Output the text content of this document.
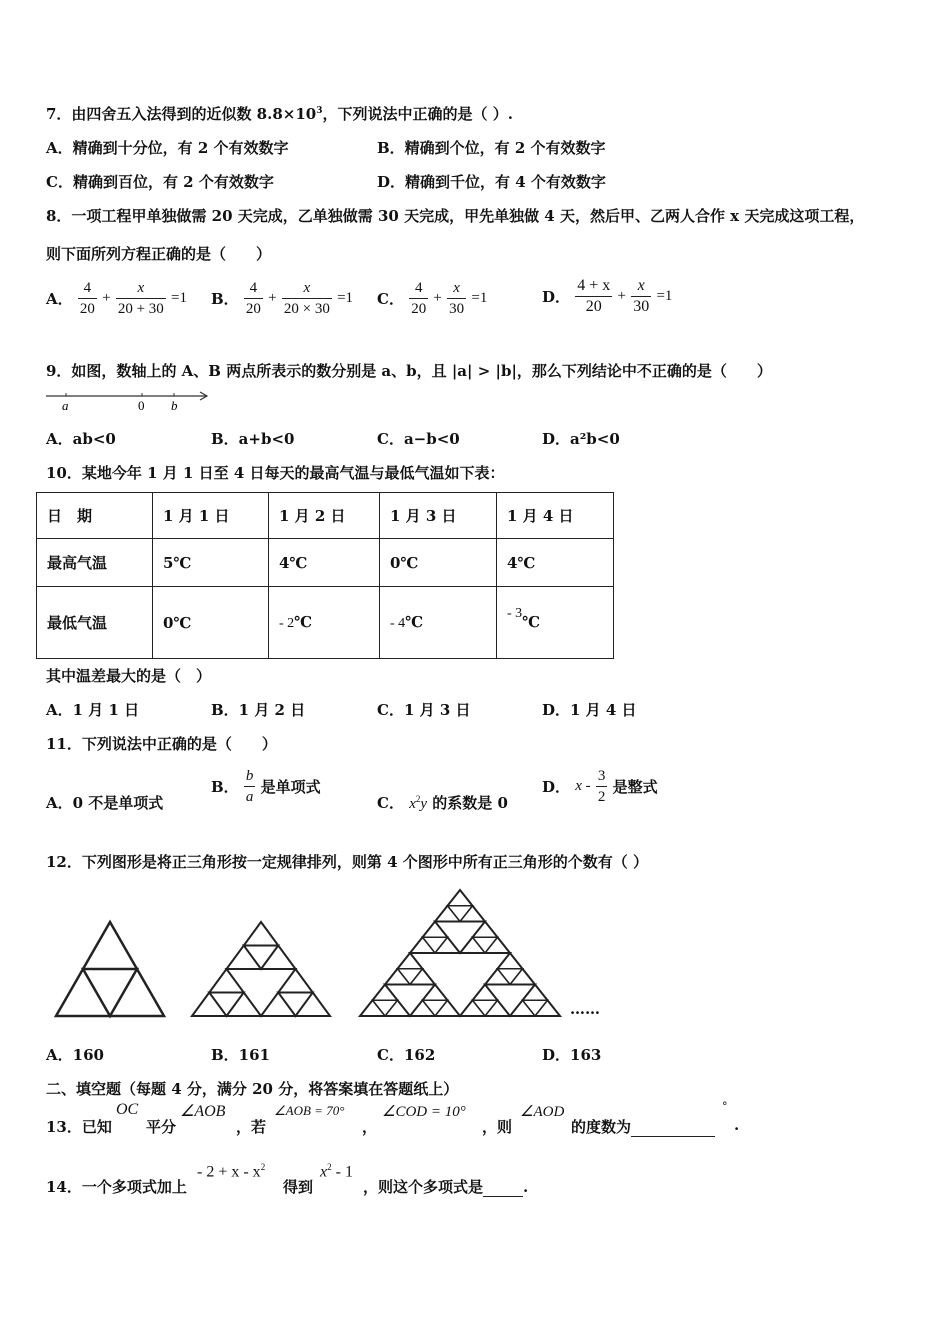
7．由四舍五入法得到的近似数 $8.8\times 10^3$，下列说法中正确的是（ ）.
A．精确到十分位，有 2 个有效数字	B．精确到个位，有 2 个有效数字
C．精确到百位，有 2 个有效数字	D．精确到千位，有 4 个有效数字
8．一项工程甲单独做需 20 天完成，乙单独做需 30 天完成，甲先单独做 4 天，然后甲、乙两人合作 x 天完成这项工程，
则下面所列方程正确的是（　　）
A． $\frac{4}{20} + \frac{x}{20 + 30} =1$ B． $\frac{4}{20} + \frac{x}{20 \times 30} =1$ C． $\frac{4}{20} + \frac{x}{30} =1$	D． $\frac{4 + x}{20} + \frac{x}{30} =1$
9．如图，数轴上的 A、B 两点所表示的数分别是 a、b，且 |a| > |b|，那么下列结论中不正确的是（　　）
a	0 b
A．ab<0	B．a+b<0	C．a−b<0	D．a²b<0
10．某地今年 1 月 1 日至 4 日每天的最高气温与最低气温如下表：
日　期	1 月 1 日	1 月 2 日	1 月 3 日	1 月 4 日
最高气温	5℃	4℃	0℃	4℃
最低气温	0℃	- 2℃	- 4℃	- 3℃
其中温差最大的是（　）
A．1 月 1 日	B．1 月 2 日	C．1 月 3 日	D．1 月 4 日
11．下列说法中正确的是（　　）
A．0 不是单项式
B． $\frac{b}{a}$ 是单项式
C． $x^2y$ 的系数是 0
D． x - $\frac{3}{2}$ 是整式
12．下列图形是将正三角形按一定规律排列，则第 4 个图形中所有正三角形的个数有（ ）
……
A．160	B．161	C．162	D．163
二、填空题（每题 4 分，满分 20 分，将答案填在答题纸上）
13．已知
OC
平分
∠AOB
，若
∠AOB = 70°
，
∠COD = 10°
，则
∠AOD
的度数为
°
.
14．一个多项式加上
- $2 + x - x^2$
得到
$x^2 - 1$
，则这个多项式是	.
